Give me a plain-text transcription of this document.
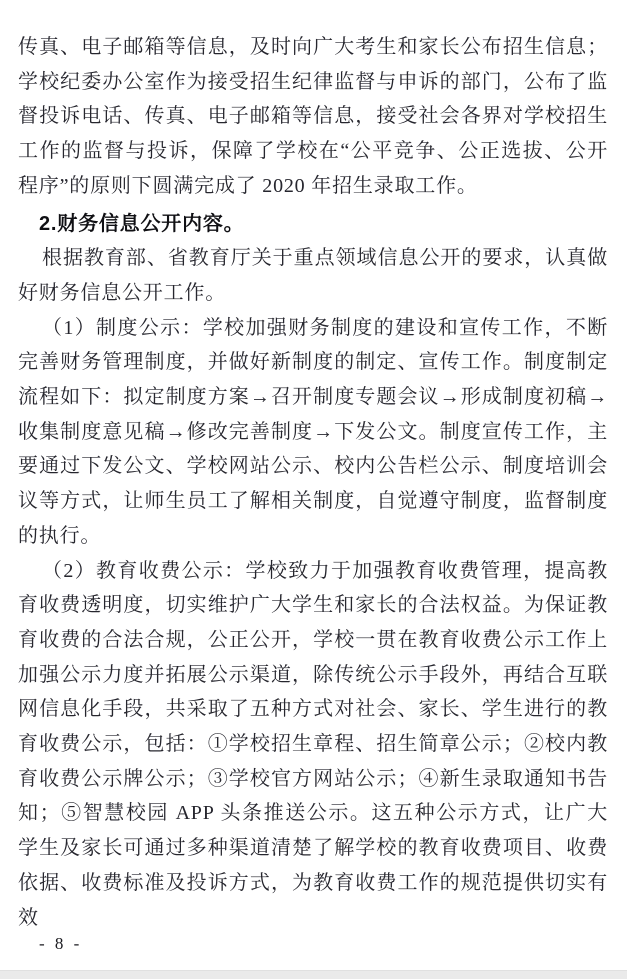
传真、电子邮箱等信息，及时向广大考生和家长公布招生信息；学校纪委办公室作为接受招生纪律监督与申诉的部门，公布了监督投诉电话、传真、电子邮箱等信息，接受社会各界对学校招生工作的监督与投诉，保障了学校在“公平竞争、公正选拔、公开程序”的原则下圆满完成了 2020 年招生录取工作。

2.财务信息公开内容。

根据教育部、省教育厅关于重点领域信息公开的要求，认真做好财务信息公开工作。

（1）制度公示：学校加强财务制度的建设和宣传工作，不断完善财务管理制度，并做好新制度的制定、宣传工作。制度制定流程如下：拟定制度方案→召开制度专题会议→形成制度初稿→收集制度意见稿→修改完善制度→下发公文。制度宣传工作，主要通过下发公文、学校网站公示、校内公告栏公示、制度培训会议等方式，让师生员工了解相关制度，自觉遵守制度，监督制度的执行。

（2）教育收费公示：学校致力于加强教育收费管理，提高教育收费透明度，切实维护广大学生和家长的合法权益。为保证教育收费的合法合规，公正公开，学校一贯在教育收费公示工作上加强公示力度并拓展公示渠道，除传统公示手段外，再结合互联网信息化手段，共采取了五种方式对社会、家长、学生进行的教育收费公示，包括：①学校招生章程、招生简章公示；②校内教育收费公示牌公示；③学校官方网站公示；④新生录取通知书告知；⑤智慧校园 APP 头条推送公示。这五种公示方式，让广大学生及家长可通过多种渠道清楚了解学校的教育收费项目、收费依据、收费标准及投诉方式，为教育收费工作的规范提供切实有效

- 8 -
